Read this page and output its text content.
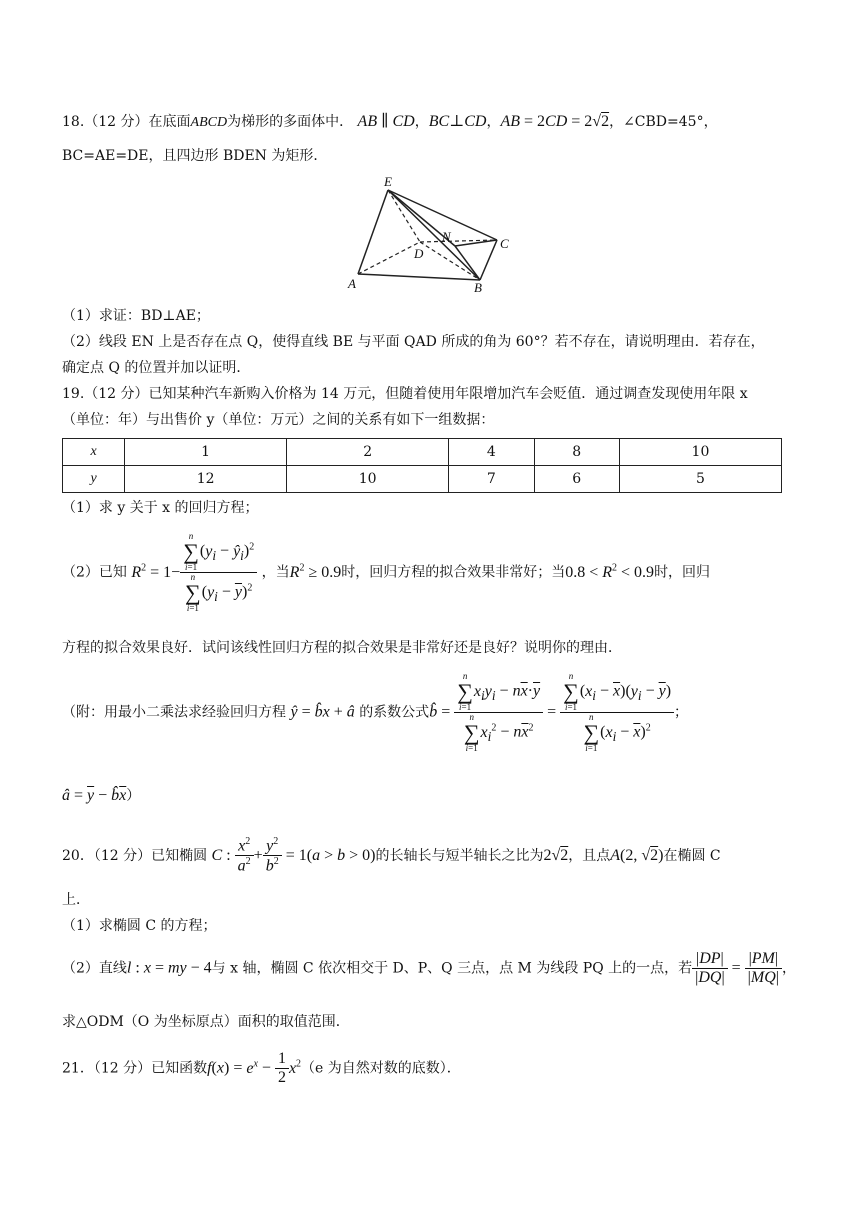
18.（12 分）在底面ABCD为梯形的多面体中． AB ∥ CD，BC⊥CD，AB = 2CD = 2√2，∠CBD=45°，
BC=AE=DE，且四边形 BDEN 为矩形．
E
N
D
C
A	B
（1）求证：BD⊥AE；
（2）线段 EN 上是否存在点 Q，使得直线 BE 与平面 QAD 所成的角为 60°？若不存在，请说明理由．若存在，
确定点 Q 的位置并加以证明．
19.（12 分）已知某种汽车新购入价格为 14 万元，但随着使用年限增加汽车会贬值．通过调查发现使用年限 x
（单位：年）与出售价 y（单位：万元）之间的关系有如下一组数据：
x	1	2	4	8	10
y	12	10	7	6	5
（1）求 y 关于 x 的回归方程；
（2）已知 $R^2 = 1- n$
∑
$i=1(y_i$ − $ŷ_i)^2$
n
∑
$i=1(y_i - \overline{y})^2$ ，当$R^2 \ge 0.9$时，回归方程的拟合效果非常好；当$0.8 < R^2 < 0.9$时，回归
方程的拟合效果良好．试问该线性回归方程的拟合效果是非常好还是良好？说明你的理由．
（附：用最小二乘法求经验回归方程 ŷ = b̂x + â 的系数公式b̂ = n
∑
$i=1x_iy_i - n\overline{x}\cdot\overline{y}$
n
∑
$i=1x_i^2 - n\overline{x}^2 = n$
∑
$i=1(x_i - \overline{x})(y_i - \overline{y})$
n
∑
$i=1(x_i - \overline{x})^2$ ；
â = $\overline{y}$ − $b̂\overline{x}$）
20．（12 分）已知椭圆 C : $\frac{x^2}{a^2} + \frac{y^2}{b^2} = 1(a > b > 0)$的长轴长与短半轴长之比为2√2，且点A(2, √2)在椭圆 C
上．
（1）求椭圆 C 的方程；
（2）直线l : x = my − 4与 x 轴，椭圆 C 依次相交于 D、P、Q 三点，点 M 为线段 PQ 上的一点，若 $\frac{|DP|}{|DQ|} = \frac{|PM|}{|MQ|}$ ，
求△ODM（O 为坐标原点）面积的取值范围．
21．（12 分）已知函数$f(x) = e^x - \frac{1}{2} x^2(e$ 为自然对数的底数）．
